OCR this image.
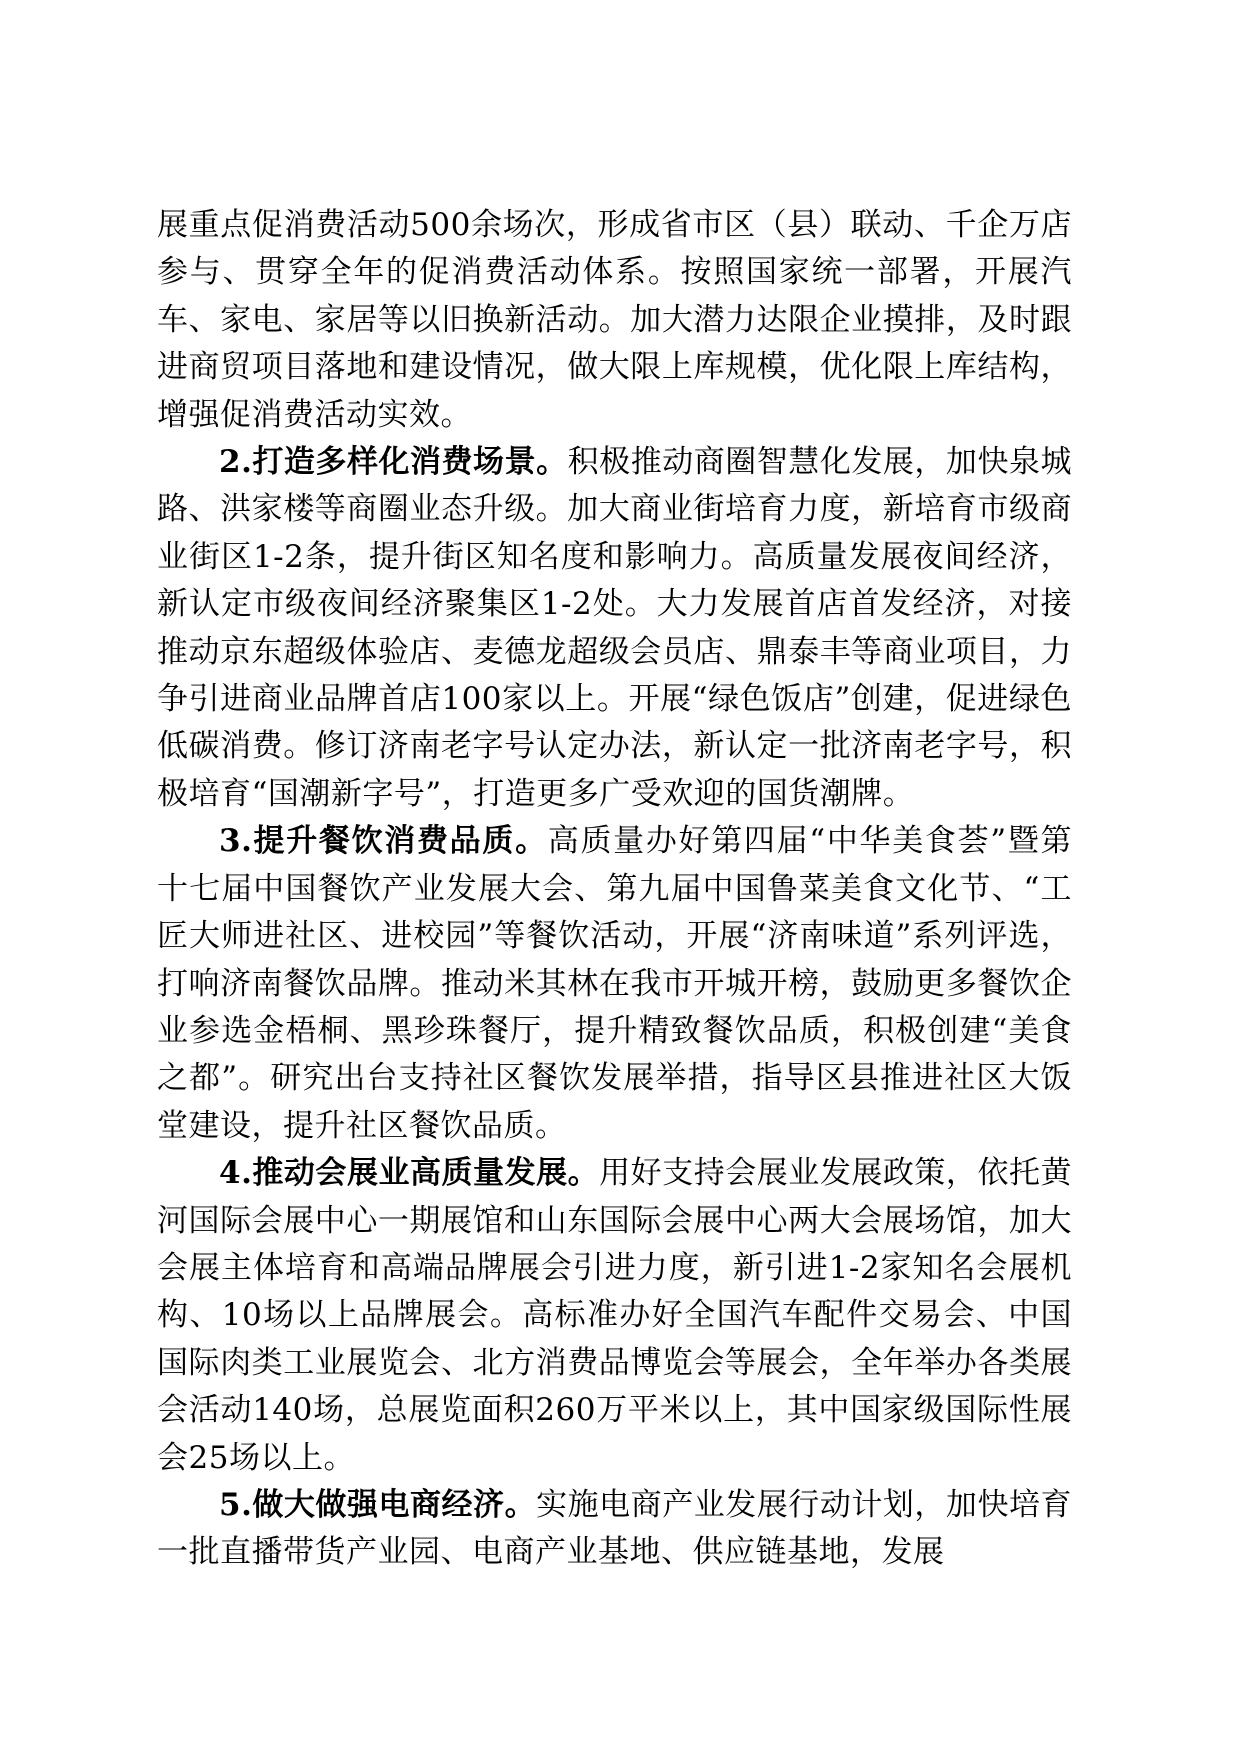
展重点促消费活动500余场次，形成省市区（县）联动、千企万店参与、贯穿全年的促消费活动体系。按照国家统一部署，开展汽车、家电、家居等以旧换新活动。加大潜力达限企业摸排，及时跟进商贸项目落地和建设情况，做大限上库规模，优化限上库结构，增强促消费活动实效。

2.打造多样化消费场景。积极推动商圈智慧化发展，加快泉城路、洪家楼等商圈业态升级。加大商业街培育力度，新培育市级商业街区1-2条，提升街区知名度和影响力。高质量发展夜间经济，新认定市级夜间经济聚集区1-2处。大力发展首店首发经济，对接推动京东超级体验店、麦德龙超级会员店、鼎泰丰等商业项目，力争引进商业品牌首店100家以上。开展“绿色饭店”创建，促进绿色低碳消费。修订济南老字号认定办法，新认定一批济南老字号，积极培育“国潮新字号”，打造更多广受欢迎的国货潮牌。

3.提升餐饮消费品质。高质量办好第四届“中华美食荟”暨第十七届中国餐饮产业发展大会、第九届中国鲁菜美食文化节、“工匠大师进社区、进校园”等餐饮活动，开展“济南味道”系列评选，打响济南餐饮品牌。推动米其林在我市开城开榜，鼓励更多餐饮企业参选金梧桐、黑珍珠餐厅，提升精致餐饮品质，积极创建“美食之都”。研究出台支持社区餐饮发展举措，指导区县推进社区大饭堂建设，提升社区餐饮品质。

4.推动会展业高质量发展。用好支持会展业发展政策，依托黄河国际会展中心一期展馆和山东国际会展中心两大会展场馆，加大会展主体培育和高端品牌展会引进力度，新引进1-2家知名会展机构、10场以上品牌展会。高标准办好全国汽车配件交易会、中国国际肉类工业展览会、北方消费品博览会等展会，全年举办各类展会活动140场，总展览面积260万平米以上，其中国家级国际性展会25场以上。

5.做大做强电商经济。实施电商产业发展行动计划，加快培育一批直播带货产业园、电商产业基地、供应链基地，发展
